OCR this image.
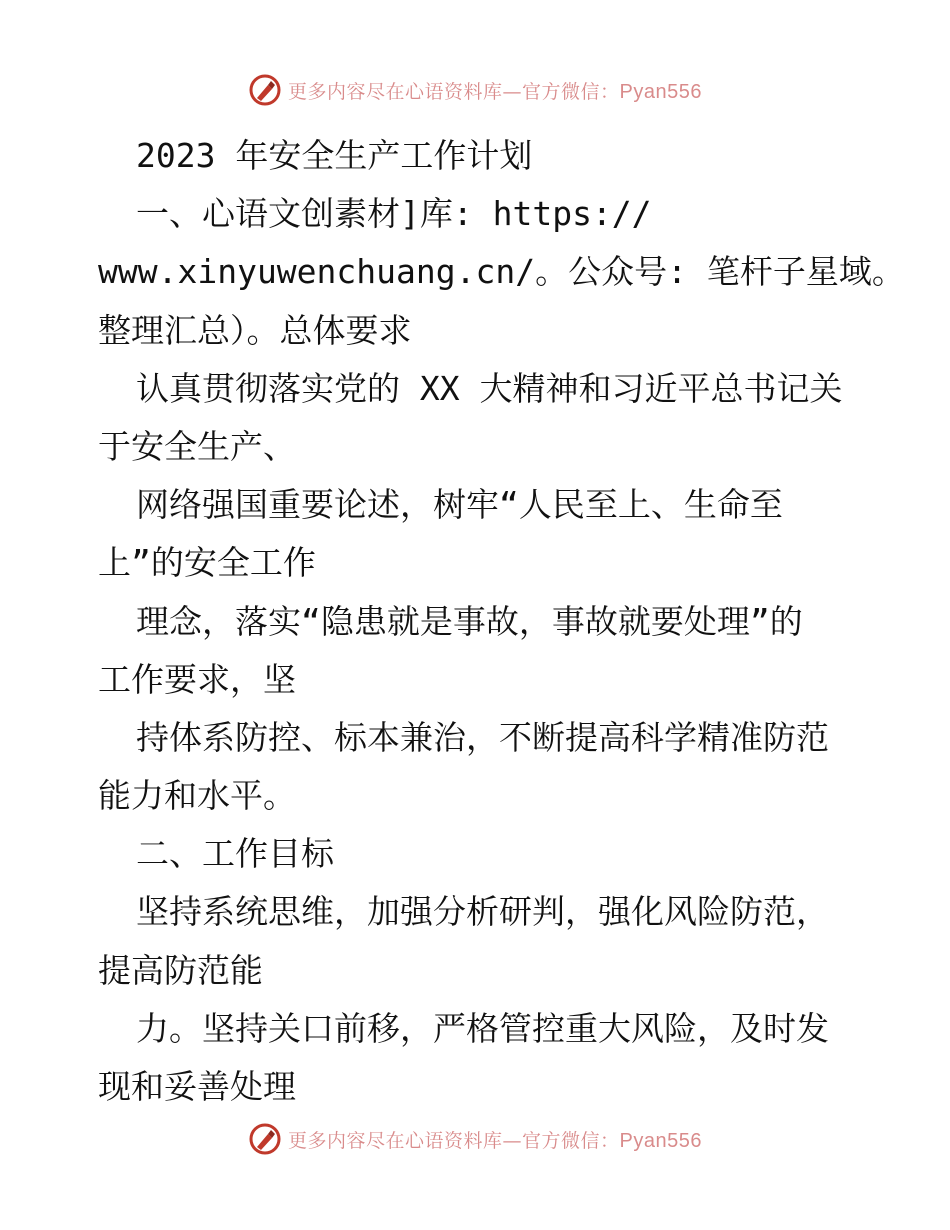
更多内容尽在心语资料库—官方微信：Pyan556
2023 年安全生产工作计划
一、心语文创素材]库: https://
www.xinyuwenchuang.cn/。公众号: 笔杆子星域。
整理汇总）。总体要求
认真贯彻落实党的 XX 大精神和习近平总书记关
于安全生产、
网络强国重要论述，树牢“人民至上、生命至
上”的安全工作
理念，落实“隐患就是事故，事故就要处理”的
工作要求，坚
持体系防控、标本兼治，不断提高科学精准防范
能力和水平。
二、工作目标
坚持系统思维，加强分析研判，强化风险防范，
提高防范能
力。坚持关口前移，严格管控重大风险，及时发
现和妥善处理
更多内容尽在心语资料库—官方微信：Pyan556
